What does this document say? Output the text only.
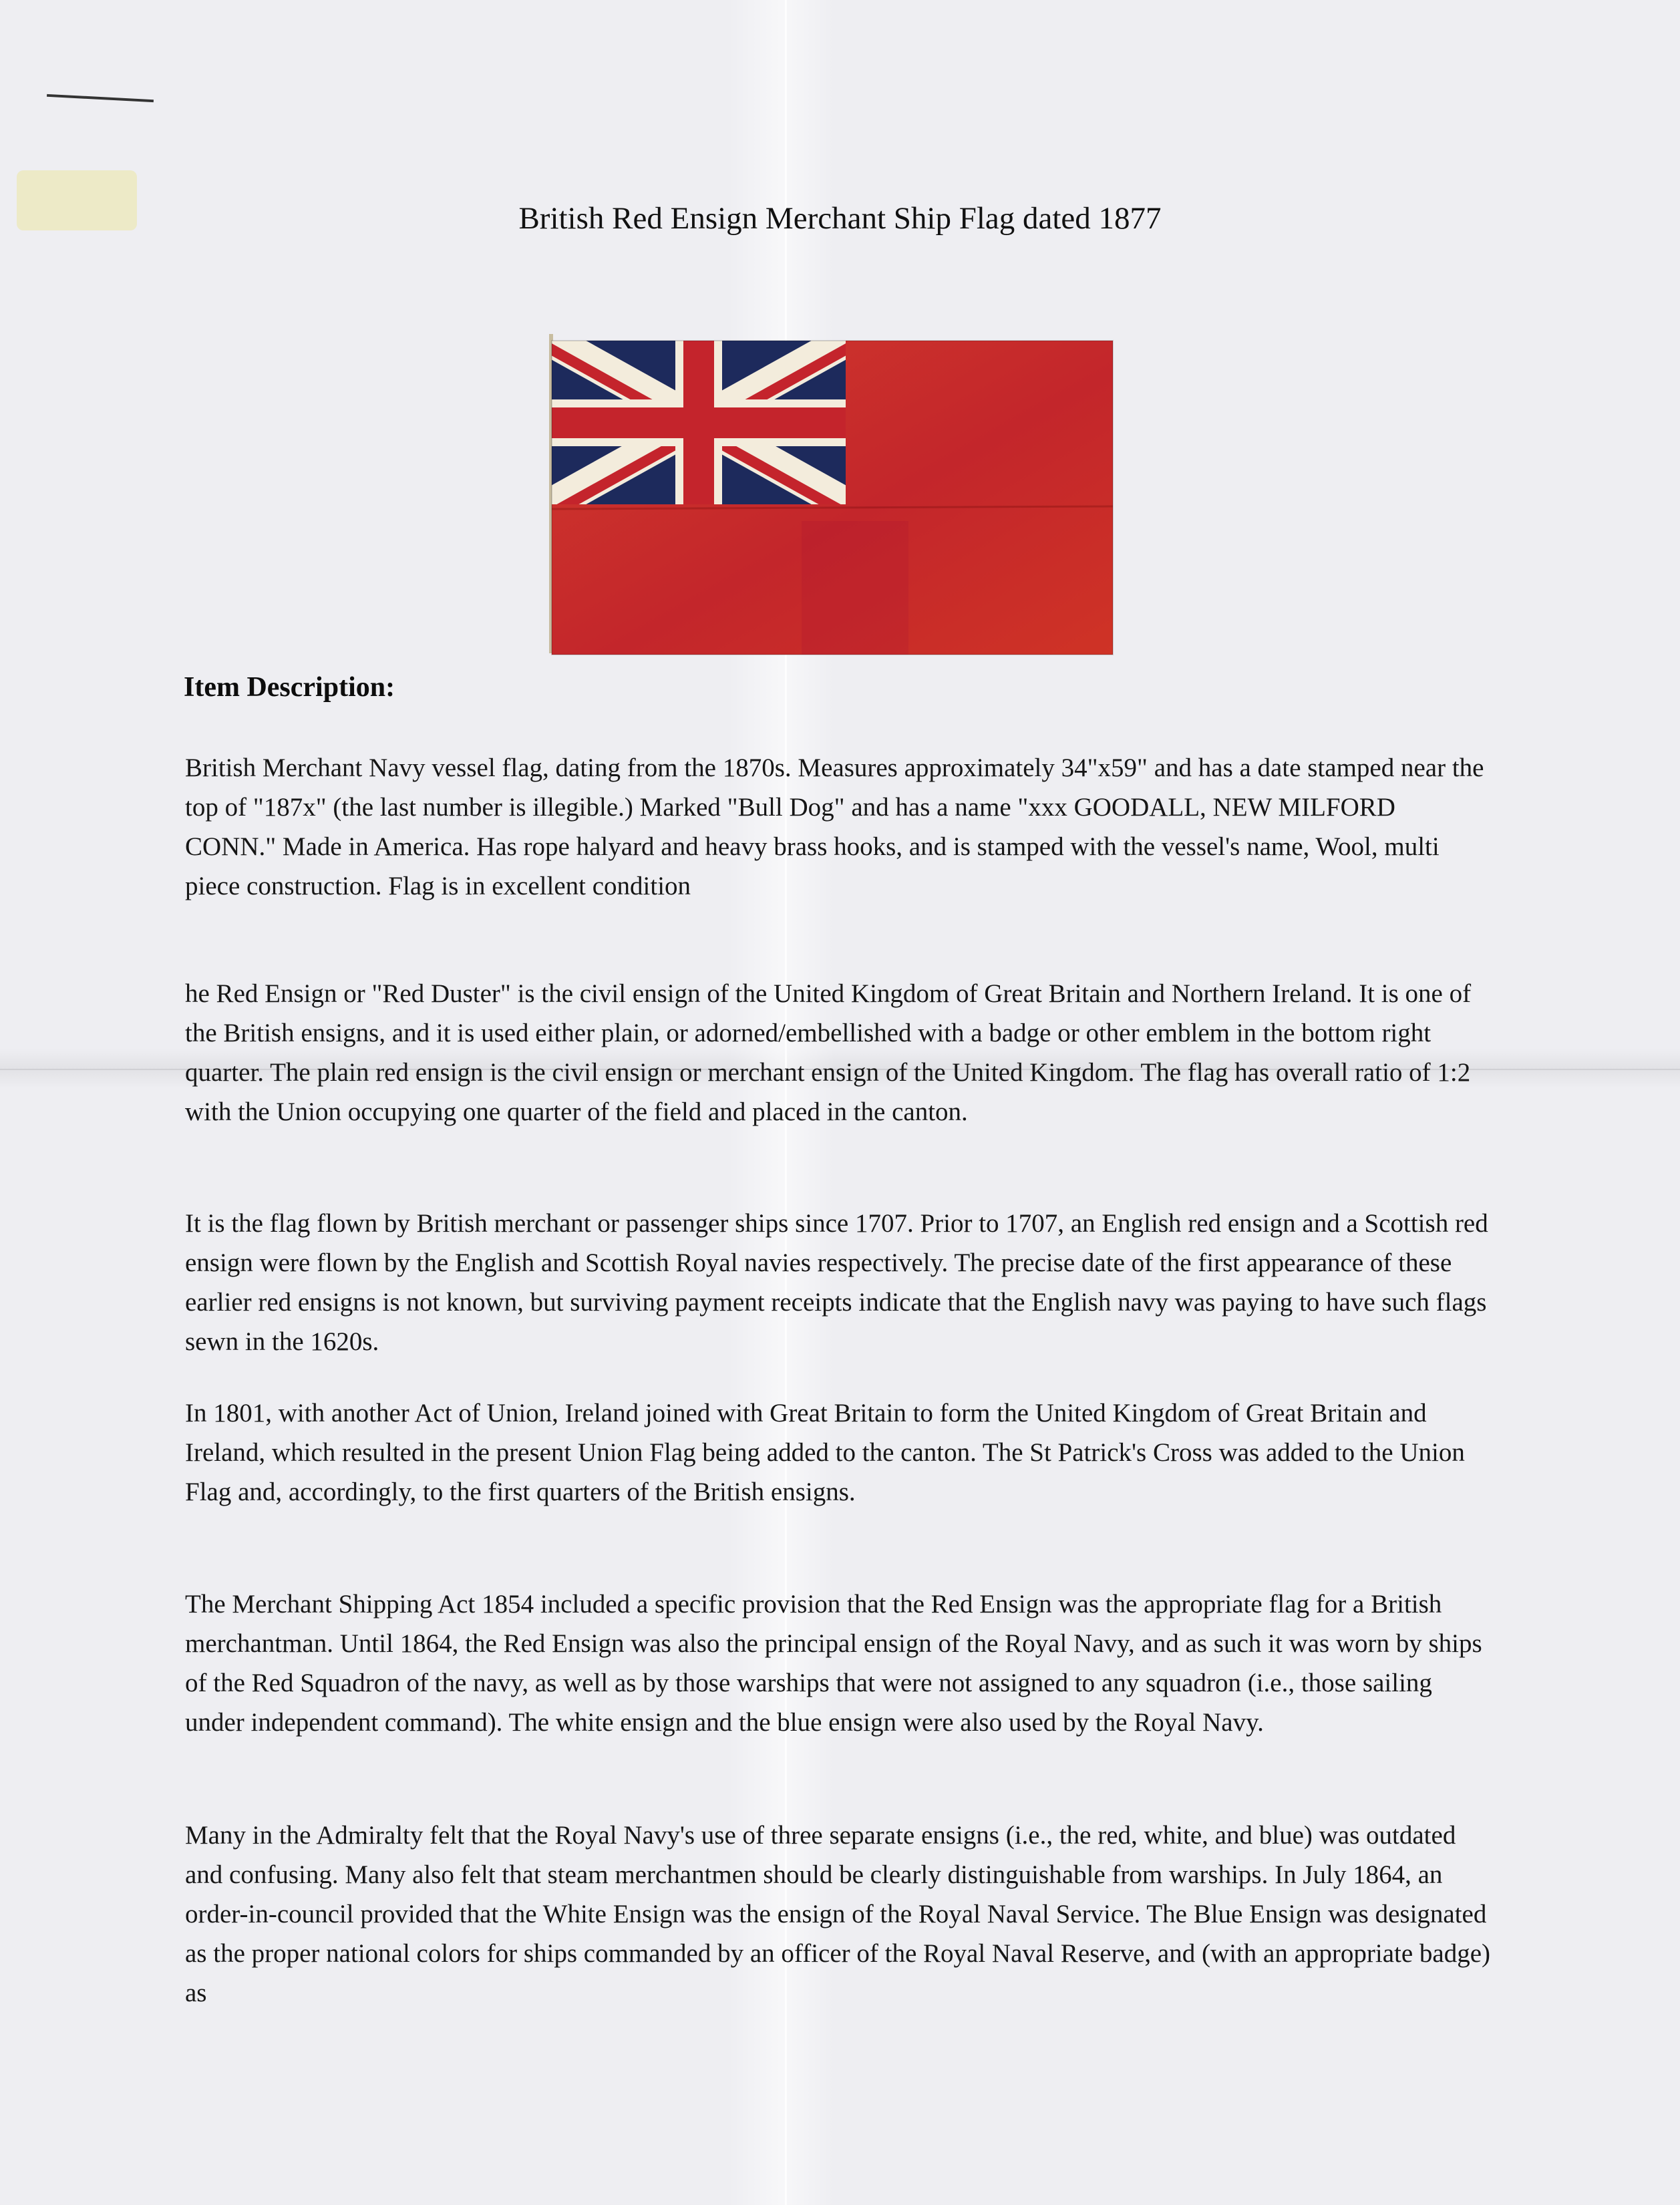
British Red Ensign Merchant Ship Flag dated 1877
Item Description:

British Merchant Navy vessel flag, dating from the 1870s. Measures approximately 34"x59" and has a date stamped near the top of "187x" (the last number is illegible.) Marked "Bull Dog" and has a name "xxx GOODALL, NEW MILFORD CONN." Made in America. Has rope halyard and heavy brass hooks, and is stamped with the vessel's name, Wool, multi piece construction. Flag is in excellent condition

he Red Ensign or "Red Duster" is the civil ensign of the United Kingdom of Great Britain and Northern Ireland. It is one of the British ensigns, and it is used either plain, or adorned/embellished with a badge or other emblem in the bottom right quarter. The plain red ensign is the civil ensign or merchant ensign of the United Kingdom. The flag has overall ratio of 1:2 with the Union occupying one quarter of the field and placed in the canton.

It is the flag flown by British merchant or passenger ships since 1707. Prior to 1707, an English red ensign and a Scottish red ensign were flown by the English and Scottish Royal navies respectively. The precise date of the first appearance of these earlier red ensigns is not known, but surviving payment receipts indicate that the English navy was paying to have such flags sewn in the 1620s.

In 1801, with another Act of Union, Ireland joined with Great Britain to form the United Kingdom of Great Britain and Ireland, which resulted in the present Union Flag being added to the canton. The St Patrick's Cross was added to the Union Flag and, accordingly, to the first quarters of the British ensigns.

The Merchant Shipping Act 1854 included a specific provision that the Red Ensign was the appropriate flag for a British merchantman. Until 1864, the Red Ensign was also the principal ensign of the Royal Navy, and as such it was worn by ships of the Red Squadron of the navy, as well as by those warships that were not assigned to any squadron (i.e., those sailing under independent command). The white ensign and the blue ensign were also used by the Royal Navy.

Many in the Admiralty felt that the Royal Navy's use of three separate ensigns (i.e., the red, white, and blue) was outdated and confusing. Many also felt that steam merchantmen should be clearly distinguishable from warships. In July 1864, an order-in-council provided that the White Ensign was the ensign of the Royal Naval Service. The Blue Ensign was designated as the proper national colors for ships commanded by an officer of the Royal Naval Reserve, and (with an appropriate badge) as
